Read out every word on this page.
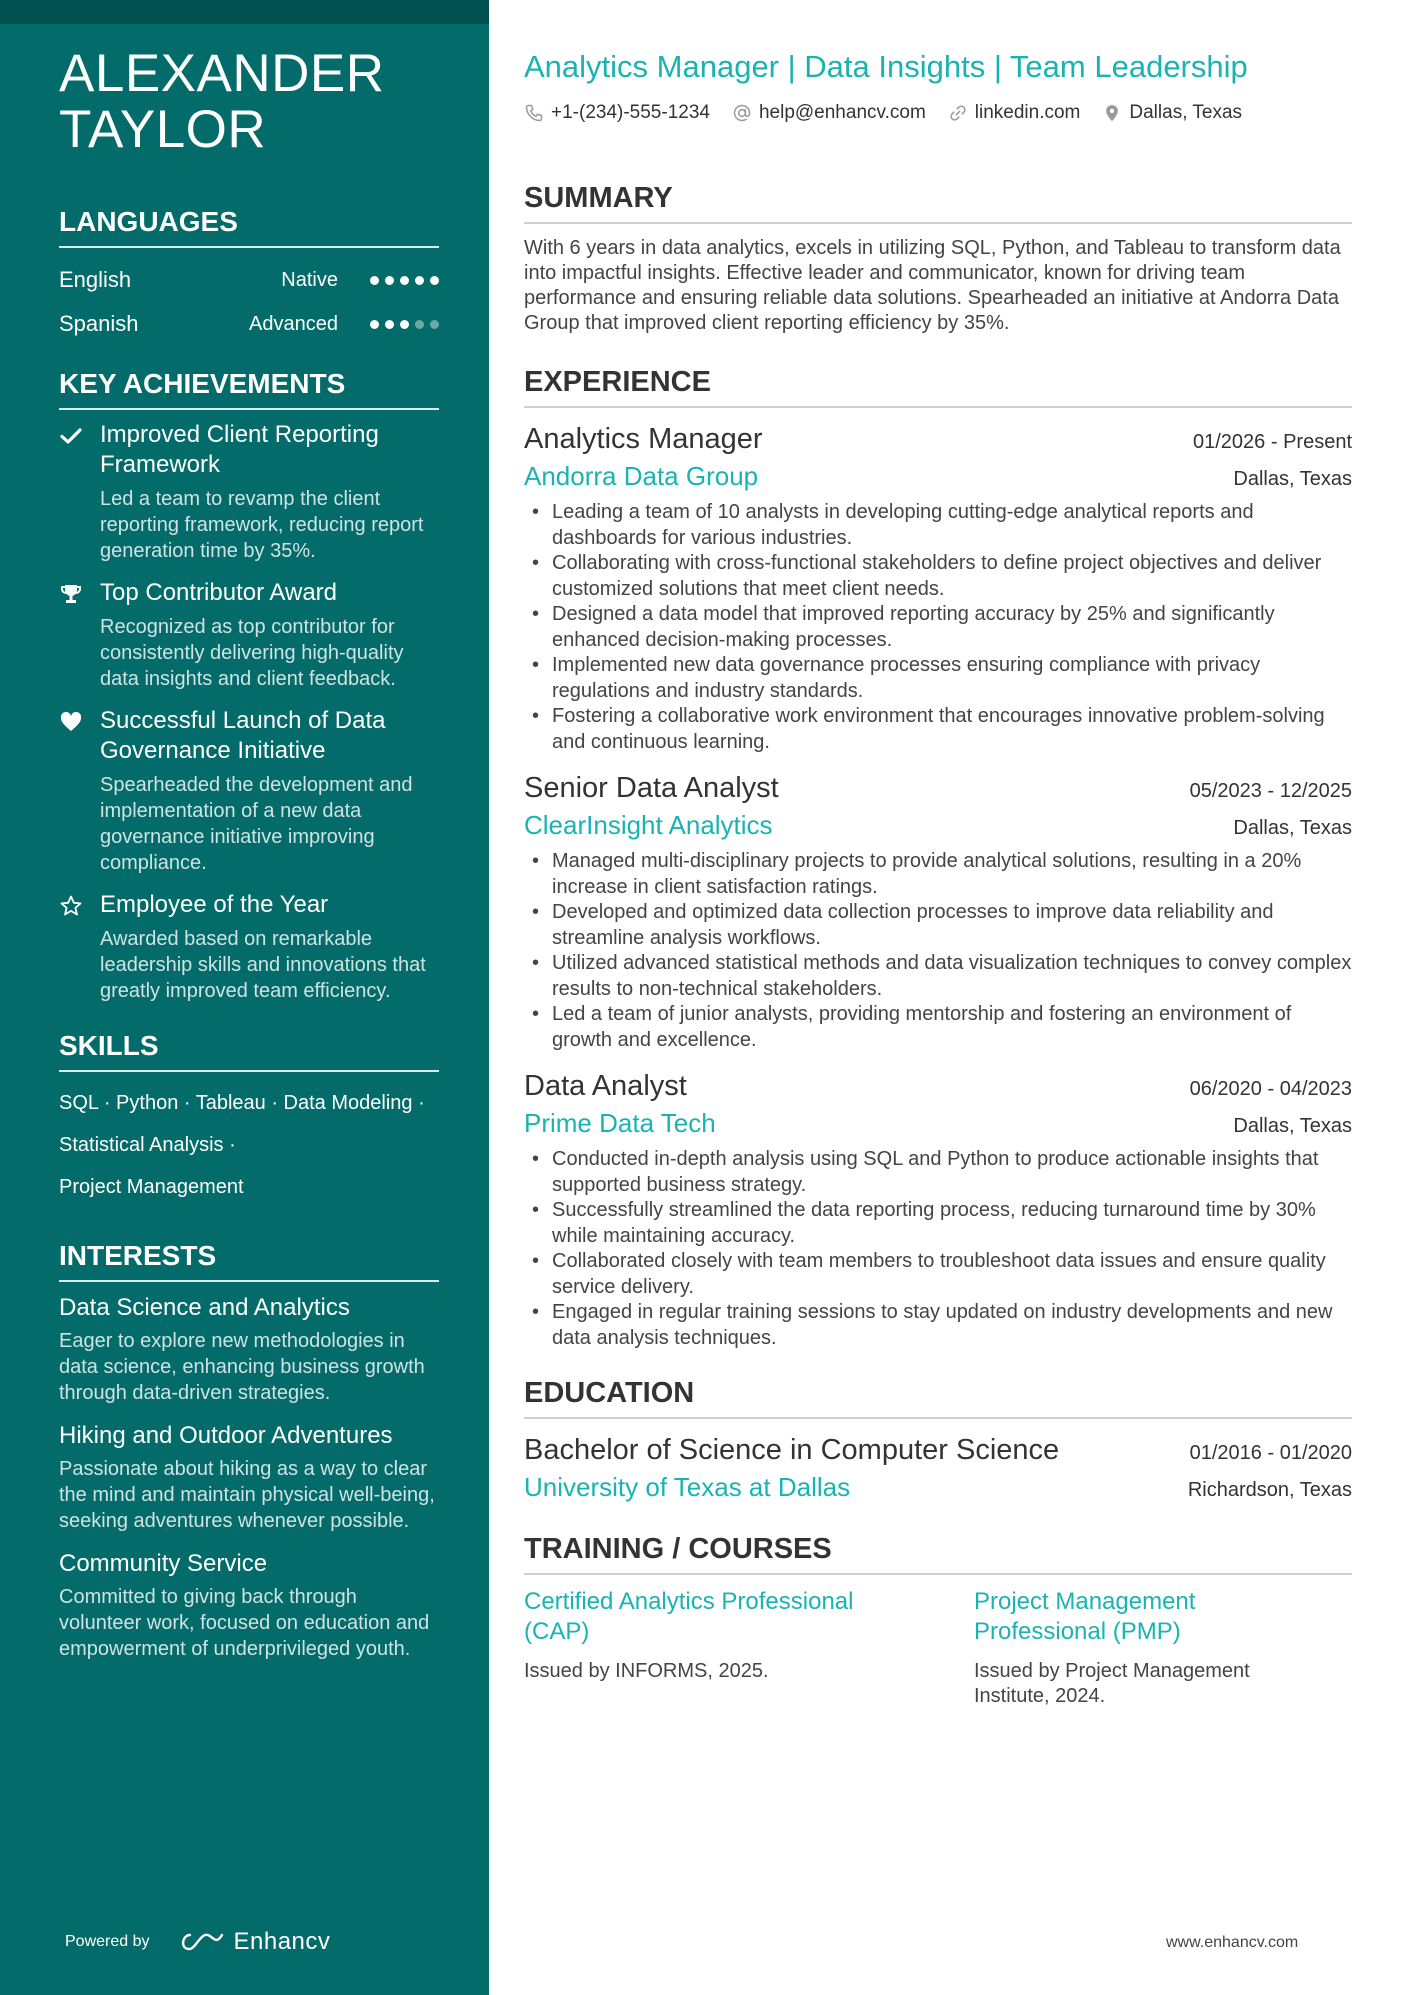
ALEXANDER
TAYLOR
LANGUAGES
English	Native
Spanish	Advanced
KEY ACHIEVEMENTS
Improved Client Reporting Framework
Led a team to revamp the client reporting framework, reducing report generation time by 35%.
Top Contributor Award
Recognized as top contributor for consistently delivering high-quality data insights and client feedback.
Successful Launch of Data Governance Initiative
Spearheaded the development and implementation of a new data governance initiative improving compliance.
Employee of the Year
Awarded based on remarkable leadership skills and innovations that greatly improved team efficiency.
SKILLS
SQL · Python · Tableau · Data Modeling ·
Statistical Analysis ·
Project Management
INTERESTS
Data Science and Analytics
Eager to explore new methodologies in data science, enhancing business growth through data-driven strategies.
Hiking and Outdoor Adventures
Passionate about hiking as a way to clear the mind and maintain physical well-being, seeking adventures whenever possible.
Community Service
Committed to giving back through volunteer work, focused on education and empowerment of underprivileged youth.
Powered by	Enhancv
Analytics Manager | Data Insights | Team Leadership
+1-(234)-555-1234	help@enhancv.com	linkedin.com	Dallas, Texas
SUMMARY

With 6 years in data analytics, excels in utilizing SQL, Python, and Tableau to transform data into impactful insights. Effective leader and communicator, known for driving team performance and ensuring reliable data solutions. Spearheaded an initiative at Andorra Data Group that improved client reporting efficiency by 35%.

EXPERIENCE
Analytics Manager	01/2026 - Present
Andorra Data Group	Dallas, Texas
• Leading a team of 10 analysts in developing cutting-edge analytical reports and dashboards for various industries.
• Collaborating with cross-functional stakeholders to define project objectives and deliver customized solutions that meet client needs.
• Designed a data model that improved reporting accuracy by 25% and significantly enhanced decision-making processes.
• Implemented new data governance processes ensuring compliance with privacy regulations and industry standards.
• Fostering a collaborative work environment that encourages innovative problem-solving and continuous learning.
Senior Data Analyst	05/2023 - 12/2025
ClearInsight Analytics	Dallas, Texas
• Managed multi-disciplinary projects to provide analytical solutions, resulting in a 20% increase in client satisfaction ratings.
• Developed and optimized data collection processes to improve data reliability and streamline analysis workflows.
• Utilized advanced statistical methods and data visualization techniques to convey complex results to non-technical stakeholders.
• Led a team of junior analysts, providing mentorship and fostering an environment of growth and excellence.
Data Analyst	06/2020 - 04/2023
Prime Data Tech	Dallas, Texas
• Conducted in-depth analysis using SQL and Python to produce actionable insights that supported business strategy.
• Successfully streamlined the data reporting process, reducing turnaround time by 30% while maintaining accuracy.
• Collaborated closely with team members to troubleshoot data issues and ensure quality service delivery.
• Engaged in regular training sessions to stay updated on industry developments and new data analysis techniques.
EDUCATION
Bachelor of Science in Computer Science	01/2016 - 01/2020
University of Texas at Dallas	Richardson, Texas
TRAINING / COURSES
Certified Analytics Professional (CAP)
Issued by INFORMS, 2025.
Project Management Professional (PMP)
Issued by Project Management Institute, 2024.
www.enhancv.com
